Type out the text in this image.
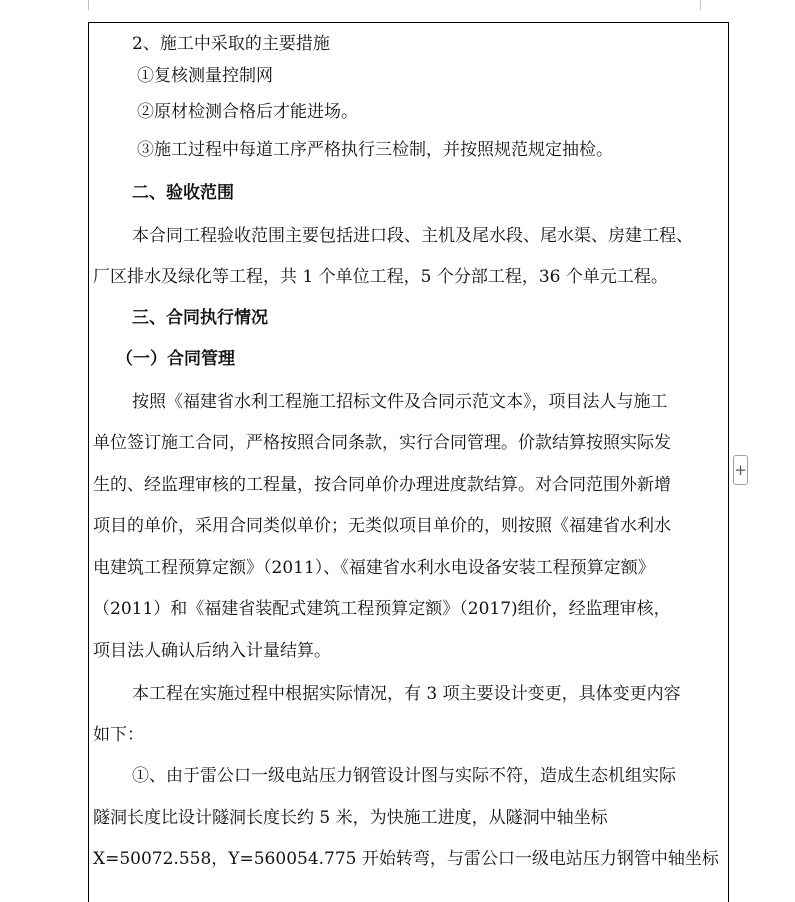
+
2、施工中采取的主要措施
①复核测量控制网
②原材检测合格后才能进场。
③施工过程中每道工序严格执行三检制，并按照规范规定抽检。
二、验收范围
本合同工程验收范围主要包括进口段、主机及尾水段、尾水渠、房建工程、
厂区排水及绿化等工程，共 1 个单位工程，5 个分部工程，36 个单元工程。
三、合同执行情况
（一）合同管理
按照《福建省水利工程施工招标文件及合同示范文本》，项目法人与施工
单位签订施工合同，严格按照合同条款，实行合同管理。价款结算按照实际发
生的、经监理审核的工程量，按合同单价办理进度款结算。对合同范围外新增
项目的单价，采用合同类似单价；无类似项目单价的，则按照《福建省水利水
电建筑工程预算定额》（2011）、《福建省水利水电设备安装工程预算定额》
（2011）和《福建省装配式建筑工程预算定额》（2017)组价，经监理审核，
项目法人确认后纳入计量结算。
本工程在实施过程中根据实际情况，有 3 项主要设计变更，具体变更内容
如下：
①、由于雷公口一级电站压力钢管设计图与实际不符，造成生态机组实际
隧洞长度比设计隧洞长度长约 5 米，为快施工进度，从隧洞中轴坐标
X=50072.558，Y=560054.775 开始转弯，与雷公口一级电站压力钢管中轴坐标
